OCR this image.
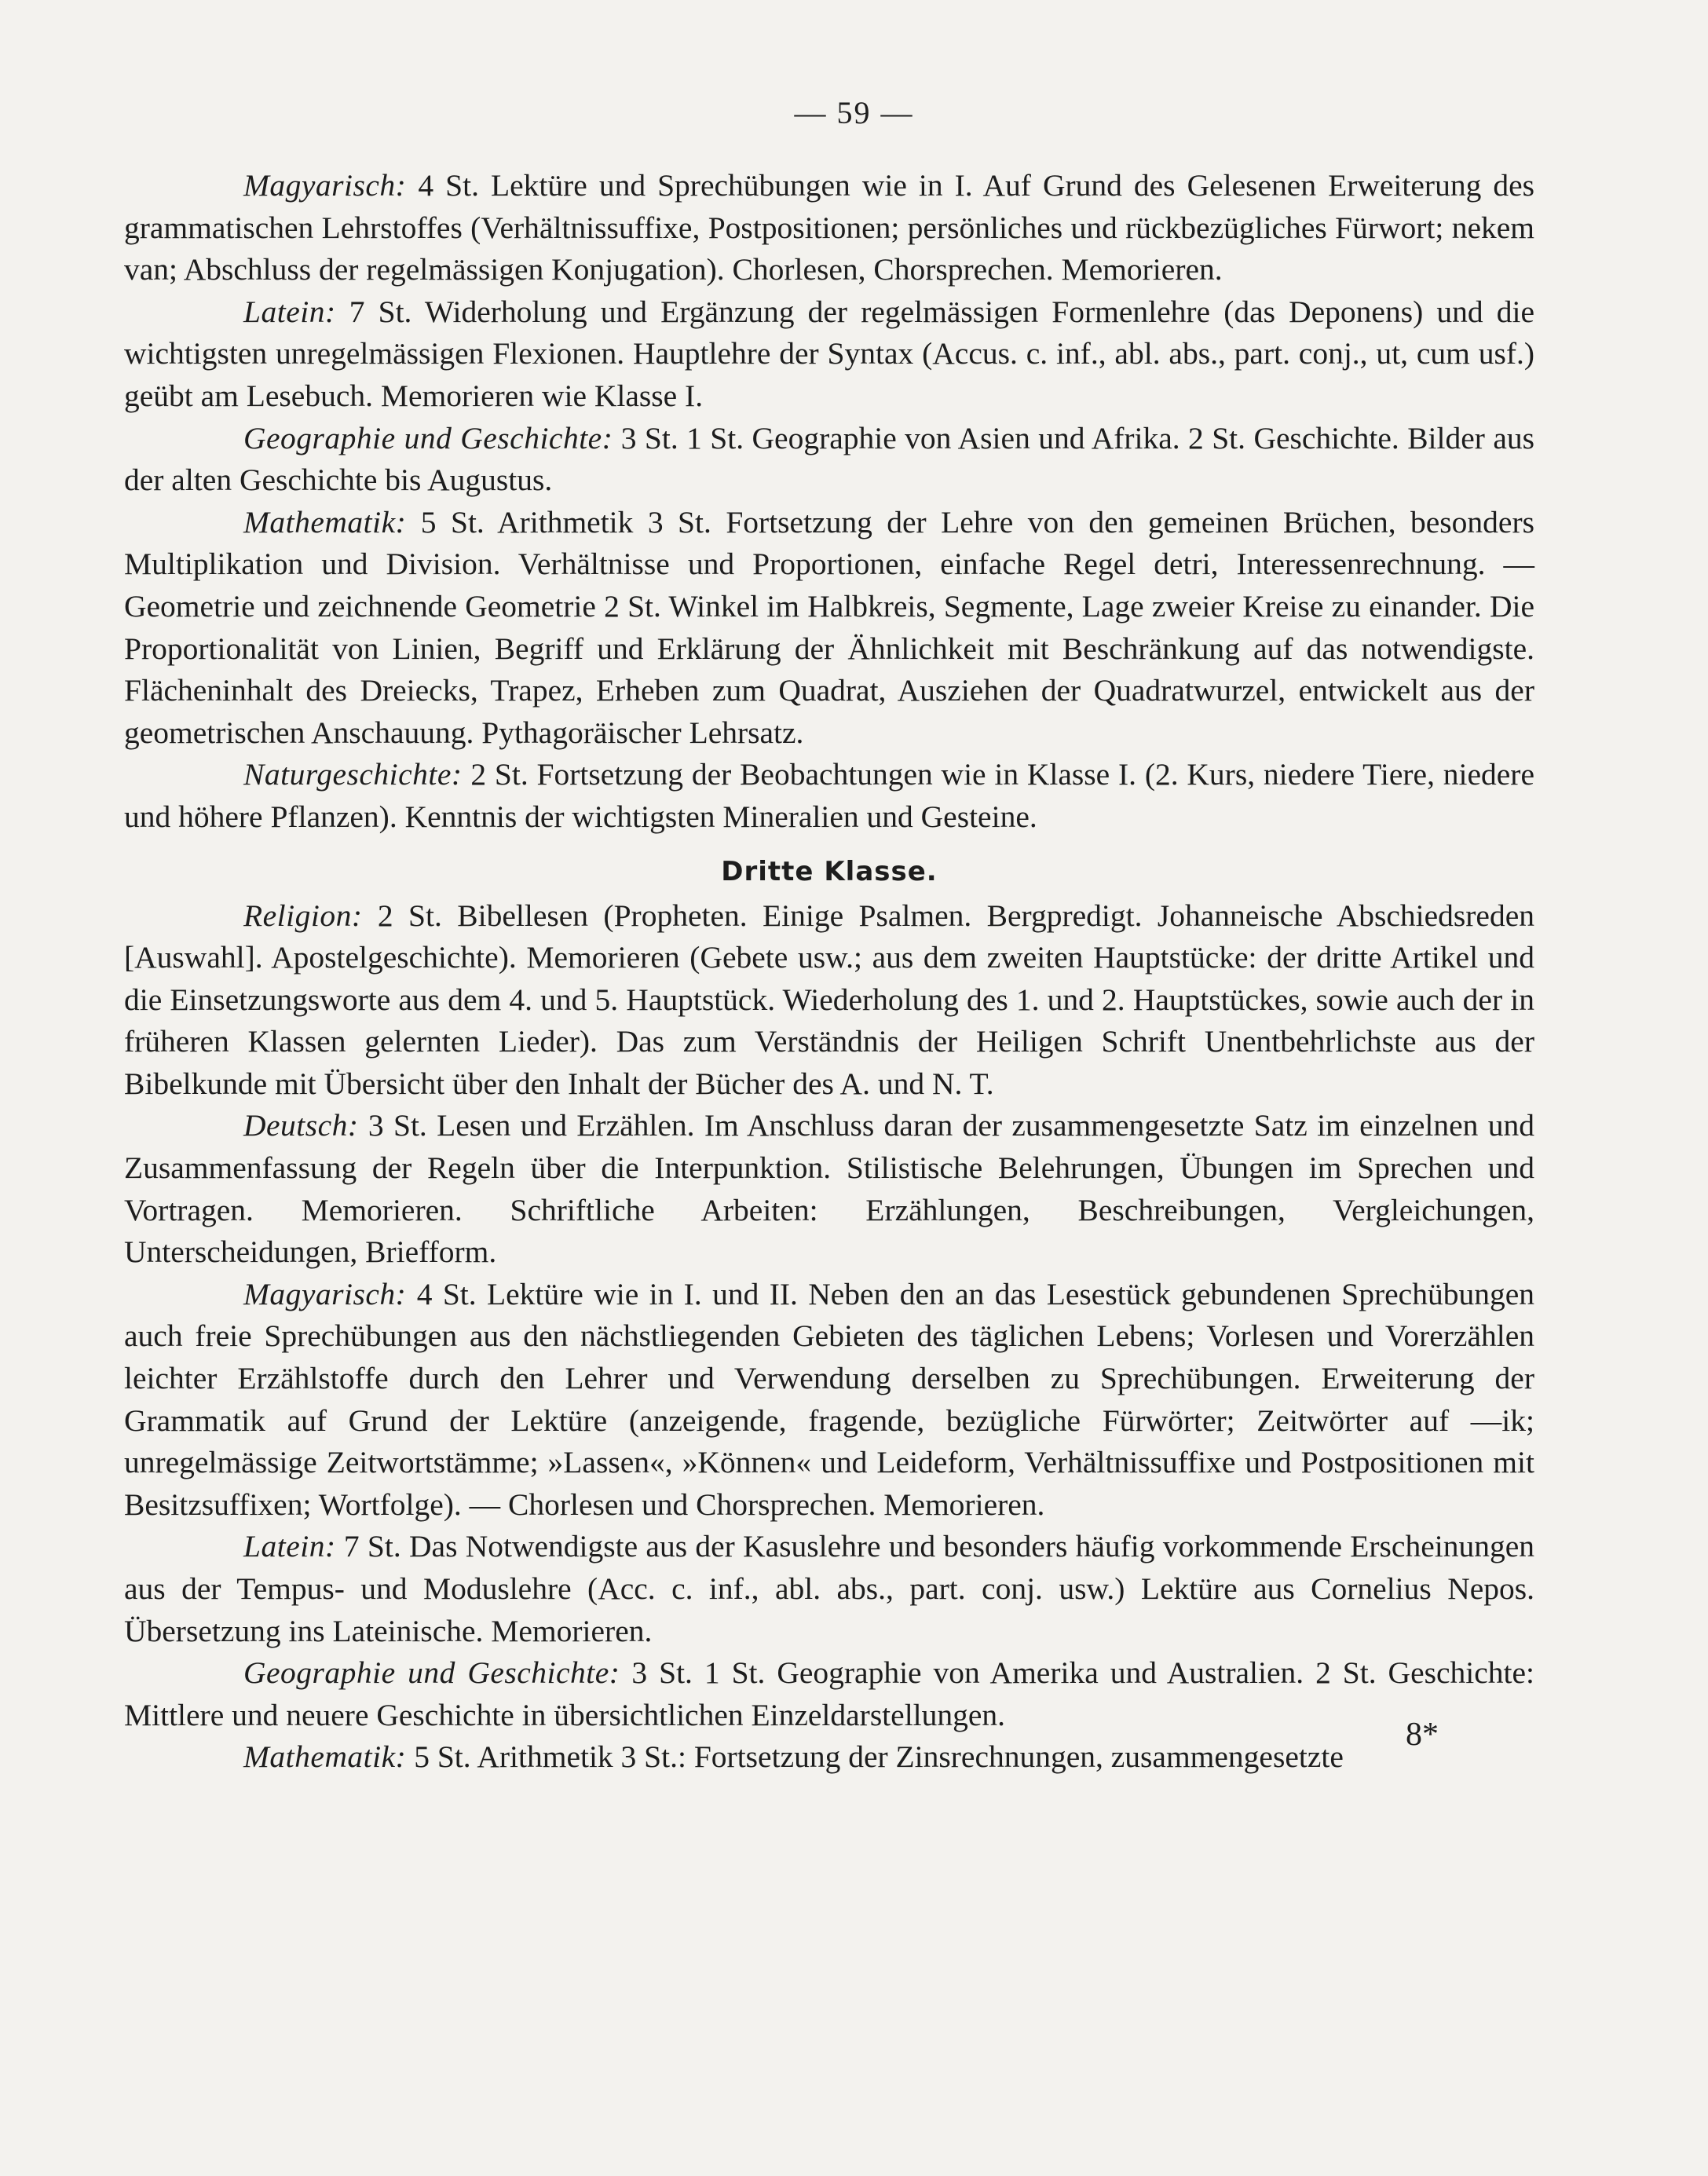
— 59 —

Magyarisch: 4 St. Lektüre und Sprechübungen wie in I. Auf Grund des Gelesenen Erweiterung des grammatischen Lehrstoffes (Verhältnissuffixe, Postpositionen; persönliches und rückbezügliches Fürwort; nekem van; Abschluss der regelmässigen Konjugation). Chorlesen, Chorsprechen. Memorieren.

Latein: 7 St. Widerholung und Ergänzung der regelmässigen Formenlehre (das Deponens) und die wichtigsten unregelmässigen Flexionen. Hauptlehre der Syntax (Accus. c. inf., abl. abs., part. conj., ut, cum usf.) geübt am Lesebuch. Memorieren wie Klasse I.

Geographie und Geschichte: 3 St. 1 St. Geographie von Asien und Afrika. 2 St. Geschichte. Bilder aus der alten Geschichte bis Augustus.

Mathematik: 5 St. Arithmetik 3 St. Fortsetzung der Lehre von den gemeinen Brüchen, besonders Multiplikation und Division. Verhältnisse und Proportionen, einfache Regel detri, Interessenrechnung. — Geometrie und zeichnende Geometrie 2 St. Winkel im Halbkreis, Segmente, Lage zweier Kreise zu einander. Die Proportionalität von Linien, Begriff und Erklärung der Ähnlichkeit mit Beschränkung auf das notwendigste. Flächeninhalt des Dreiecks, Trapez, Erheben zum Quadrat, Ausziehen der Quadratwurzel, entwickelt aus der geometrischen Anschauung. Pythagoräischer Lehrsatz.

Naturgeschichte: 2 St. Fortsetzung der Beobachtungen wie in Klasse I. (2. Kurs, niedere Tiere, niedere und höhere Pflanzen). Kenntnis der wichtigsten Mineralien und Gesteine.

Dritte Klasse.

Religion: 2 St. Bibellesen (Propheten. Einige Psalmen. Bergpredigt. Johanneische Abschiedsreden [Auswahl]. Apostelgeschichte). Memorieren (Gebete usw.; aus dem zweiten Hauptstücke: der dritte Artikel und die Einsetzungsworte aus dem 4. und 5. Hauptstück. Wiederholung des 1. und 2. Hauptstückes, sowie auch der in früheren Klassen gelernten Lieder). Das zum Verständnis der Heiligen Schrift Unentbehrlichste aus der Bibelkunde mit Übersicht über den Inhalt der Bücher des A. und N. T.

Deutsch: 3 St. Lesen und Erzählen. Im Anschluss daran der zusammengesetzte Satz im einzelnen und Zusammenfassung der Regeln über die Interpunktion. Stilistische Belehrungen, Übungen im Sprechen und Vortragen. Memorieren. Schriftliche Arbeiten: Erzählungen, Beschreibungen, Vergleichungen, Unterscheidungen, Briefform.

Magyarisch: 4 St. Lektüre wie in I. und II. Neben den an das Lesestück gebundenen Sprechübungen auch freie Sprechübungen aus den nächstliegenden Gebieten des täglichen Lebens; Vorlesen und Vorerzählen leichter Erzählstoffe durch den Lehrer und Verwendung derselben zu Sprechübungen. Erweiterung der Grammatik auf Grund der Lektüre (anzeigende, fragende, bezügliche Fürwörter; Zeitwörter auf —ik; unregelmässige Zeitwortstämme; »Lassen«, »Können« und Leideform, Verhältnissuffixe und Postpositionen mit Besitzsuffixen; Wortfolge). — Chorlesen und Chorsprechen. Memorieren.

Latein: 7 St. Das Notwendigste aus der Kasuslehre und besonders häufig vorkommende Erscheinungen aus der Tempus- und Moduslehre (Acc. c. inf., abl. abs., part. conj. usw.) Lektüre aus Cornelius Nepos. Übersetzung ins Lateinische. Memorieren.

Geographie und Geschichte: 3 St. 1 St. Geographie von Amerika und Australien. 2 St. Geschichte: Mittlere und neuere Geschichte in übersichtlichen Einzeldarstellungen.

Mathematik: 5 St. Arithmetik 3 St.: Fortsetzung der Zinsrechnungen, zusammengesetzte

8*
